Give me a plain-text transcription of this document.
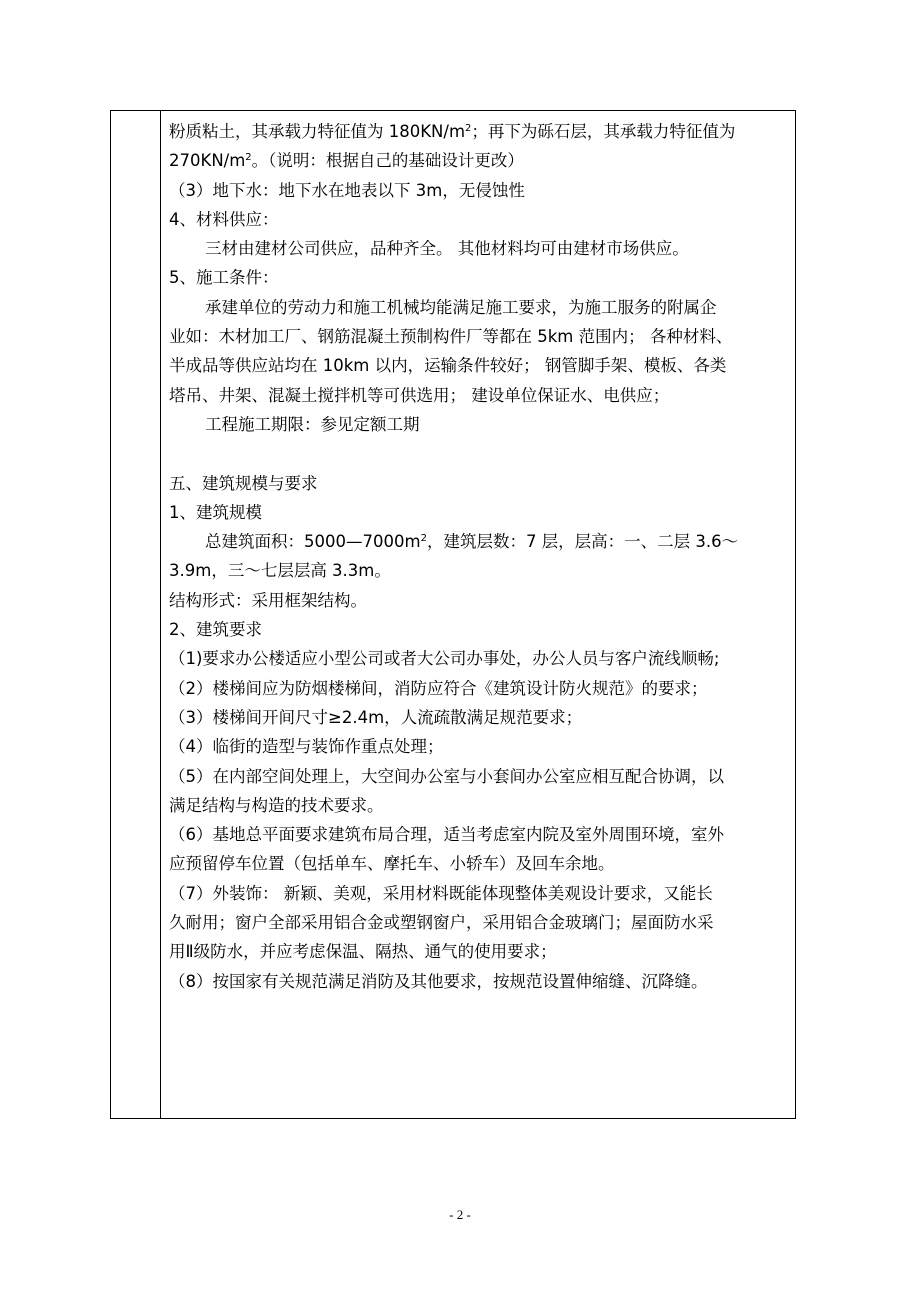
粉质粘土，其承载力特征值为 $180KN/m^2$；再下为砾石层，其承载力特征值为
$270KN/m^2$。（说明：根据自己的基础设计更改）
（3）地下水：地下水在地表以下 3m，无侵蚀性
4、材料供应：
三材由建材公司供应，品种齐全。 其他材料均可由建材市场供应。
5、施工条件：
承建单位的劳动力和施工机械均能满足施工要求，为施工服务的附属企
业如：木材加工厂、钢筋混凝土预制构件厂等都在 5km 范围内； 各种材料、
半成品等供应站均在 10km 以内，运输条件较好； 钢管脚手架、模板、各类
塔吊、井架、混凝土搅拌机等可供选用； 建设单位保证水、电供应；
工程施工期限：参见定额工期
五、建筑规模与要求
1、建筑规模
总建筑面积：$5000—7000m^2$，建筑层数：7 层，层高：一、二层 3.6～
3.9m，三～七层层高 3.3m。
结构形式：采用框架结构。
2、建筑要求
（1)要求办公楼适应小型公司或者大公司办事处，办公人员与客户流线顺畅;
（2）楼梯间应为防烟楼梯间，消防应符合《建筑设计防火规范》的要求；
（3）楼梯间开间尺寸≥2.4m，人流疏散满足规范要求；
（4）临街的造型与装饰作重点处理；
（5）在内部空间处理上，大空间办公室与小套间办公室应相互配合协调，以
满足结构与构造的技术要求。
（6）基地总平面要求建筑布局合理，适当考虑室内院及室外周围环境，室外
应预留停车位置（包括单车、摩托车、小轿车）及回车余地。
（7）外装饰： 新颖、美观，采用材料既能体现整体美观设计要求，又能长
久耐用；窗户全部采用铝合金或塑钢窗户，采用铝合金玻璃门；屋面防水采
用Ⅱ级防水，并应考虑保温、隔热、通气的使用要求；
（8）按国家有关规范满足消防及其他要求，按规范设置伸缩缝、沉降缝。
- 2 -
